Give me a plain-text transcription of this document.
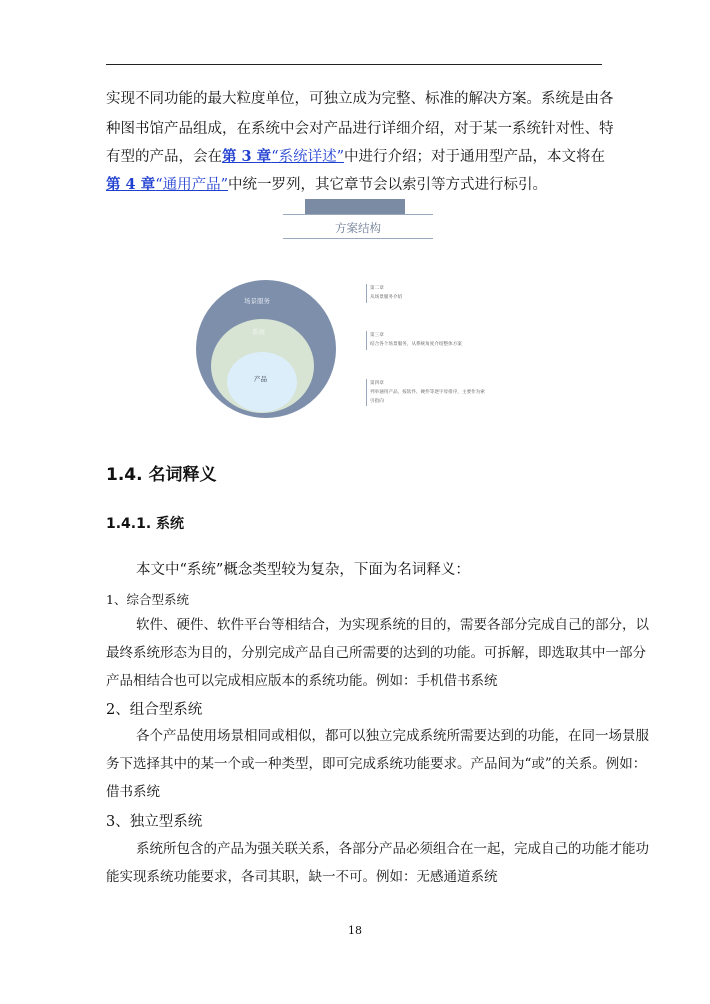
实现不同功能的最大粒度单位，可独立成为完整、标准的解决方案。系统是由各
种图书馆产品组成，在系统中会对产品进行详细介绍，对于某一系统针对性、特
有型的产品，会在第 3 章“系统详述”中进行介绍；对于通用型产品，本文将在
第 4 章“通用产品”中统一罗列，其它章节会以索引等方式进行标引。
方案结构
场景服务
系统
产品
第二章
从场景服务介绍
第三章
结合各个场景服务，从系统角度介绍整体方案
第四章
列举通用产品，按软件、硬件等逐字母排序，主要作为索
引指向
1.4. 名词释义
1.4.1. 系统
本文中“系统”概念类型较为复杂，下面为名词释义：
1、综合型系统
软件、硬件、软件平台等相结合，为实现系统的目的，需要各部分完成自己的部分，以
最终系统形态为目的，分别完成产品自己所需要的达到的功能。可拆解，即选取其中一部分
产品相结合也可以完成相应版本的系统功能。例如：手机借书系统
2、组合型系统
各个产品使用场景相同或相似，都可以独立完成系统所需要达到的功能，在同一场景服
务下选择其中的某一个或一种类型，即可完成系统功能要求。产品间为“或”的关系。例如：
借书系统
3、独立型系统
系统所包含的产品为强关联关系，各部分产品必须组合在一起，完成自己的功能才能功
能实现系统功能要求，各司其职，缺一不可。例如：无感通道系统
18
